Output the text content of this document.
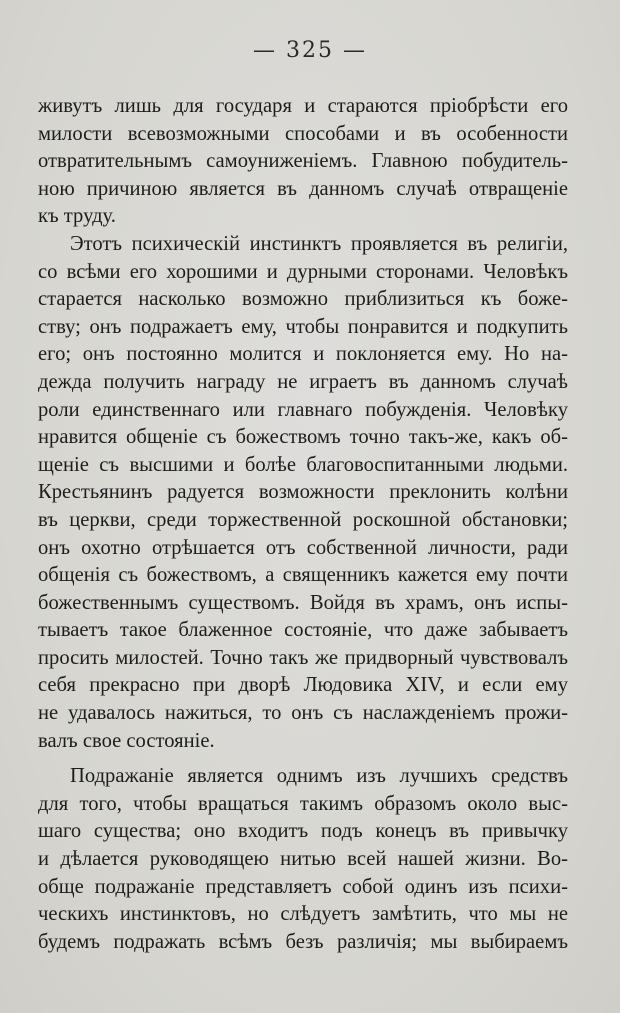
— 325 —
живутъ лишь для государя и стараются пріобрѣсти его
милости всевозможными способами и въ особенности
отвратительнымъ самоуниженіемъ. Главною побудитель-
ною причиною является въ данномъ случаѣ отвращеніе
къ труду.
Этотъ психическій инстинктъ проявляется въ религіи,
со всѣми его хорошими и дурными сторонами. Человѣкъ
старается насколько возможно приблизиться къ боже-
ству; онъ подражаетъ ему, чтобы понравится и подкупить
его; онъ постоянно молится и поклоняется ему. Но на-
дежда получить награду не играетъ въ данномъ случаѣ
роли единственнаго или главнаго побужденія. Человѣку
нравится общеніе съ божествомъ точно такъ-же, какъ об-
щеніе съ высшими и болѣе благовоспитанными людьми.
Крестьянинъ радуется возможности преклонить колѣни
въ церкви, среди торжественной роскошной обстановки;
онъ охотно отрѣшается отъ собственной личности, ради
общенія съ божествомъ, а священникъ кажется ему почти
божественнымъ существомъ. Войдя въ храмъ, онъ испы-
тываетъ такое блаженное состояніе, что даже забываетъ
просить милостей. Точно такъ же придворный чувствовалъ
себя прекрасно при дворѣ Людовика XIV, и если ему
не удавалось нажиться, то онъ съ наслажденіемъ прожи-
валъ свое состояніе.
Подражаніе является однимъ изъ лучшихъ средствъ
для того, чтобы вращаться такимъ образомъ около выс-
шаго существа; оно входитъ подъ конецъ въ привычку
и дѣлается руководящею нитью всей нашей жизни. Во-
обще подражаніе представляетъ собой одинъ изъ психи-
ческихъ инстинктовъ, но слѣдуетъ замѣтить, что мы не
будемъ подражать всѣмъ безъ различія; мы выбираемъ
